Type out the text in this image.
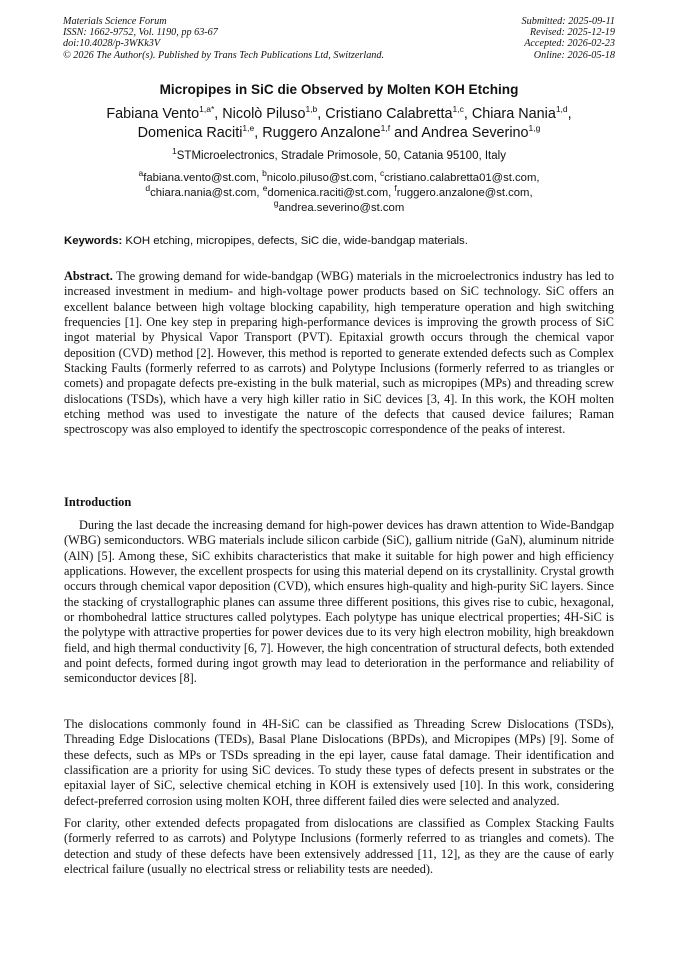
Materials Science Forum
ISSN: 1662-9752, Vol. 1190, pp 63-67
doi:10.4028/p-3WKk3V
© 2026 The Author(s). Published by Trans Tech Publications Ltd, Switzerland.
Submitted: 2025-09-11
Revised: 2025-12-19
Accepted: 2026-02-23
Online: 2026-05-18
Micropipes in SiC die Observed by Molten KOH Etching
Fabiana Vento$^{1,a*}$, Nicolò Piluso$^{1,b}$, Cristiano Calabretta$^{1,c}$, Chiara Nania$^{1,d}$,
Domenica Raciti$^{1,e}$, Ruggero Anzalone$^{1,f}$ and Andrea Severino$^{1,g}$
$^1$STMicroelectronics, Stradale Primosole, 50, Catania 95100, Italy
$^a$fabiana.vento@st.com, $^b$nicolo.piluso@st.com, $^c$cristiano.calabretta01@st.com,
$^d$chiara.nania@st.com, $^e$domenica.raciti@st.com, $^f$ruggero.anzalone@st.com,
$^g$andrea.severino@st.com
Keywords: KOH etching, micropipes, defects, SiC die, wide-bandgap materials.

Abstract. The growing demand for wide-bandgap (WBG) materials in the microelectronics industry has led to increased investment in medium- and high-voltage power products based on SiC technology. SiC offers an excellent balance between high voltage blocking capability, high temperature operation and high switching frequencies [1]. One key step in preparing high-performance devices is improving the growth process of SiC ingot material by Physical Vapor Transport (PVT). Epitaxial growth occurs through the chemical vapor deposition (CVD) method [2]. However, this method is reported to generate extended defects such as Complex Stacking Faults (formerly referred to as carrots) and Polytype Inclusions (formerly referred to as triangles or comets) and propagate defects pre-existing in the bulk material, such as micropipes (MPs) and threading screw dislocations (TSDs), which have a very high killer ratio in SiC devices [3, 4]. In this work, the KOH molten etching method was used to investigate the nature of the defects that caused device failures; Raman spectroscopy was also employed to identify the spectroscopic correspondence of the peaks of interest.

Introduction

During the last decade the increasing demand for high-power devices has drawn attention to Wide-Bandgap (WBG) semiconductors. WBG materials include silicon carbide (SiC), gallium nitride (GaN), aluminum nitride (AlN) [5]. Among these, SiC exhibits characteristics that make it suitable for high power and high efficiency applications. However, the excellent prospects for using this material depend on its crystallinity. Crystal growth occurs through chemical vapor deposition (CVD), which ensures high-quality and high-purity SiC layers. Since the stacking of crystallographic planes can assume three different positions, this gives rise to cubic, hexagonal, or rhombohedral lattice structures called polytypes. Each polytype has unique electrical properties; 4H-SiC is the polytype with attractive properties for power devices due to its very high electron mobility, high breakdown field, and high thermal conductivity [6, 7]. However, the high concentration of structural defects, both extended and point defects, formed during ingot growth may lead to deterioration in the performance and reliability of semiconductor devices [8].

The dislocations commonly found in 4H-SiC can be classified as Threading Screw Dislocations (TSDs), Threading Edge Dislocations (TEDs), Basal Plane Dislocations (BPDs), and Micropipes (MPs) [9]. Some of these defects, such as MPs or TSDs spreading in the epi layer, cause fatal damage. Their identification and classification are a priority for using SiC devices. To study these types of defects present in substrates or the epitaxial layer of SiC, selective chemical etching in KOH is extensively used [10]. In this work, considering defect-preferred corrosion using molten KOH, three different failed dies were selected and analyzed.

For clarity, other extended defects propagated from dislocations are classified as Complex Stacking Faults (formerly referred to as carrots) and Polytype Inclusions (formerly referred to as triangles and comets). The detection and study of these defects have been extensively addressed [11, 12], as they are the cause of early electrical failure (usually no electrical stress or reliability tests are needed).
